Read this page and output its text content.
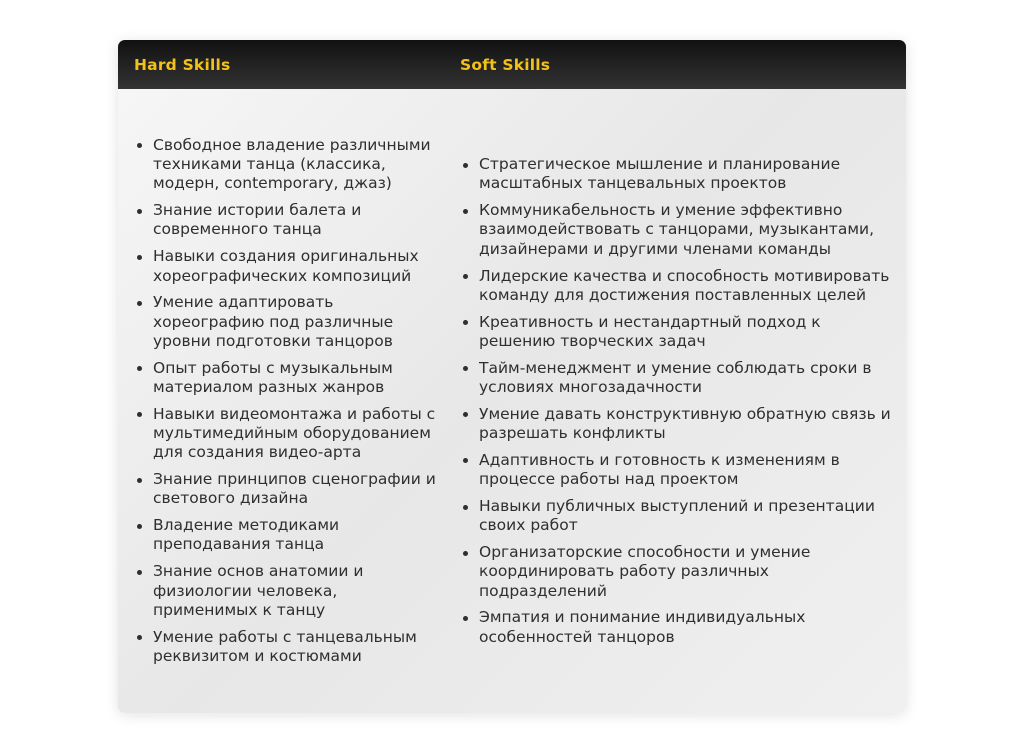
Hard Skills	Soft Skills
Свободное владение различными техниками танца (классика, модерн, contemporary, джаз)
Знание истории балета и современного танца
Навыки создания оригинальных хореографических композиций
Умение адаптировать хореографию под различные уровни подготовки танцоров
Опыт работы с музыкальным материалом разных жанров
Навыки видеомонтажа и работы с мультимедийным оборудованием для создания видео-арта
Знание принципов сценографии и светового дизайна
Владение методиками преподавания танца
Знание основ анатомии и физиологии человека, применимых к танцу
Умение работы с танцевальным реквизитом и костюмами
Стратегическое мышление и планирование масштабных танцевальных проектов
Коммуникабельность и умение эффективно взаимодействовать с танцорами, музыкантами, дизайнерами и другими членами команды
Лидерские качества и способность мотивировать команду для достижения поставленных целей
Креативность и нестандартный подход к решению творческих задач
Тайм-менеджмент и умение соблюдать сроки в условиях многозадачности
Умение давать конструктивную обратную связь и разрешать конфликты
Адаптивность и готовность к изменениям в процессе работы над проектом
Навыки публичных выступлений и презентации своих работ
Организаторские способности и умение координировать работу различных подразделений
Эмпатия и понимание индивидуальных особенностей танцоров
